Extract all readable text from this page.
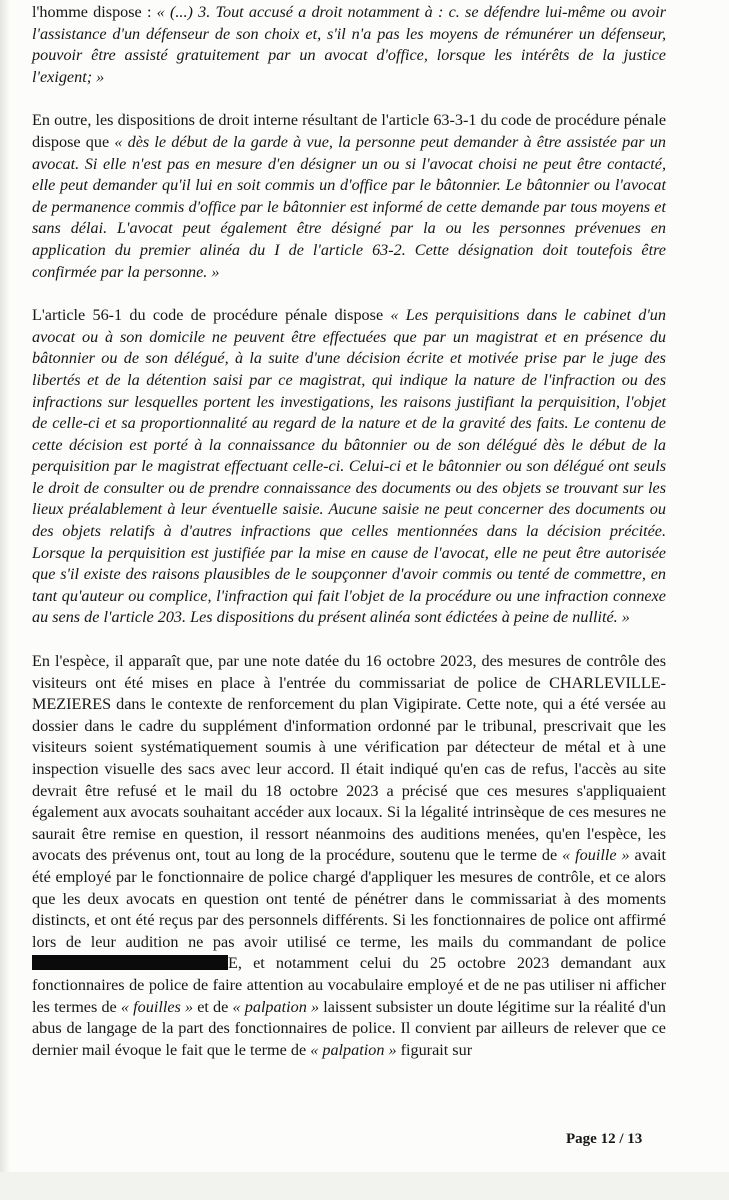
l'homme dispose : « (...) 3. Tout accusé a droit notamment à : c. se défendre lui-même ou avoir l'assistance d'un défenseur de son choix et, s'il n'a pas les moyens de rémunérer un défenseur, pouvoir être assisté gratuitement par un avocat d'office, lorsque les intérêts de la justice l'exigent; »

En outre, les dispositions de droit interne résultant de l'article 63-3-1 du code de procédure pénale dispose que « dès le début de la garde à vue, la personne peut demander à être assistée par un avocat. Si elle n'est pas en mesure d'en désigner un ou si l'avocat choisi ne peut être contacté, elle peut demander qu'il lui en soit commis un d'office par le bâtonnier. Le bâtonnier ou l'avocat de permanence commis d'office par le bâtonnier est informé de cette demande par tous moyens et sans délai. L'avocat peut également être désigné par la ou les personnes prévenues en application du premier alinéa du I de l'article 63-2. Cette désignation doit toutefois être confirmée par la personne. »

L'article 56-1 du code de procédure pénale dispose « Les perquisitions dans le cabinet d'un avocat ou à son domicile ne peuvent être effectuées que par un magistrat et en présence du bâtonnier ou de son délégué, à la suite d'une décision écrite et motivée prise par le juge des libertés et de la détention saisi par ce magistrat, qui indique la nature de l'infraction ou des infractions sur lesquelles portent les investigations, les raisons justifiant la perquisition, l'objet de celle-ci et sa proportionnalité au regard de la nature et de la gravité des faits. Le contenu de cette décision est porté à la connaissance du bâtonnier ou de son délégué dès le début de la perquisition par le magistrat effectuant celle-ci. Celui-ci et le bâtonnier ou son délégué ont seuls le droit de consulter ou de prendre connaissance des documents ou des objets se trouvant sur les lieux préalablement à leur éventuelle saisie. Aucune saisie ne peut concerner des documents ou des objets relatifs à d'autres infractions que celles mentionnées dans la décision précitée. Lorsque la perquisition est justifiée par la mise en cause de l'avocat, elle ne peut être autorisée que s'il existe des raisons plausibles de le soupçonner d'avoir commis ou tenté de commettre, en tant qu'auteur ou complice, l'infraction qui fait l'objet de la procédure ou une infraction connexe au sens de l'article 203. Les dispositions du présent alinéa sont édictées à peine de nullité. »

En l'espèce, il apparaît que, par une note datée du 16 octobre 2023, des mesures de contrôle des visiteurs ont été mises en place à l'entrée du commissariat de police de CHARLEVILLE-MEZIERES dans le contexte de renforcement du plan Vigipirate. Cette note, qui a été versée au dossier dans le cadre du supplément d'information ordonné par le tribunal, prescrivait que les visiteurs soient systématiquement soumis à une vérification par détecteur de métal et à une inspection visuelle des sacs avec leur accord. Il était indiqué qu'en cas de refus, l'accès au site devrait être refusé et le mail du 18 octobre 2023 a précisé que ces mesures s'appliquaient également aux avocats souhaitant accéder aux locaux. Si la légalité intrinsèque de ces mesures ne saurait être remise en question, il ressort néanmoins des auditions menées, qu'en l'espèce, les avocats des prévenus ont, tout au long de la procédure, soutenu que le terme de « fouille » avait été employé par le fonctionnaire de police chargé d'appliquer les mesures de contrôle, et ce alors que les deux avocats en question ont tenté de pénétrer dans le commissariat à des moments distincts, et ont été reçus par des personnels différents. Si les fonctionnaires de police ont affirmé lors de leur audition ne pas avoir utilisé ce terme, les mails du commandant de police E, et notamment celui du 25 octobre 2023 demandant aux fonctionnaires de police de faire attention au vocabulaire employé et de ne pas utiliser ni afficher les termes de « fouilles » et de « palpation » laissent subsister un doute légitime sur la réalité d'un abus de langage de la part des fonctionnaires de police. Il convient par ailleurs de relever que ce dernier mail évoque le fait que le terme de « palpation » figurait sur

Page 12 / 13
